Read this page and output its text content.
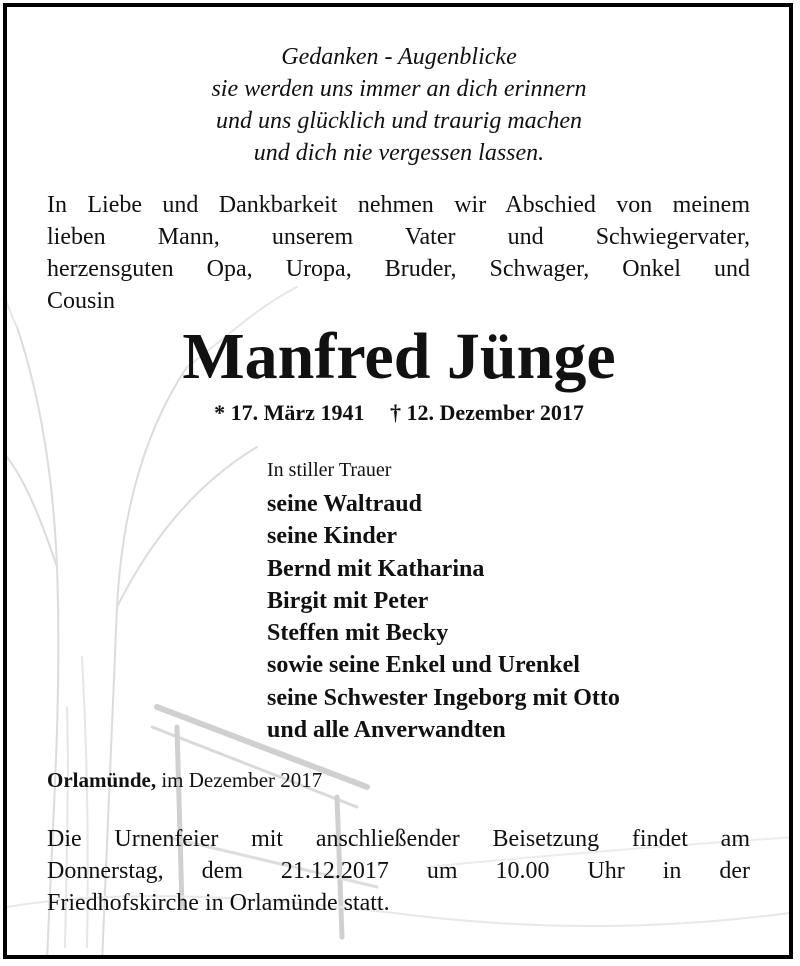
Gedanken - Augenblicke
sie werden uns immer an dich erinnern
und uns glücklich und traurig machen
und dich nie vergessen lassen.
In Liebe und Dankbarkeit nehmen wir Abschied von meinem
lieben Mann, unserem Vater und Schwiegervater,
herzensguten Opa, Uropa, Bruder, Schwager, Onkel und
Cousin
Manfred Jünge
* 17. März 1941 † 12. Dezember 2017
In stiller Trauer
seine Waltraud
seine Kinder
Bernd mit Katharina
Birgit mit Peter
Steffen mit Becky
sowie seine Enkel und Urenkel
seine Schwester Ingeborg mit Otto
und alle Anverwandten
Orlamünde, im Dezember 2017
Die Urnenfeier mit anschließender Beisetzung findet am
Donnerstag, dem 21.12.2017 um 10.00 Uhr in der
Friedhofskirche in Orlamünde statt.
